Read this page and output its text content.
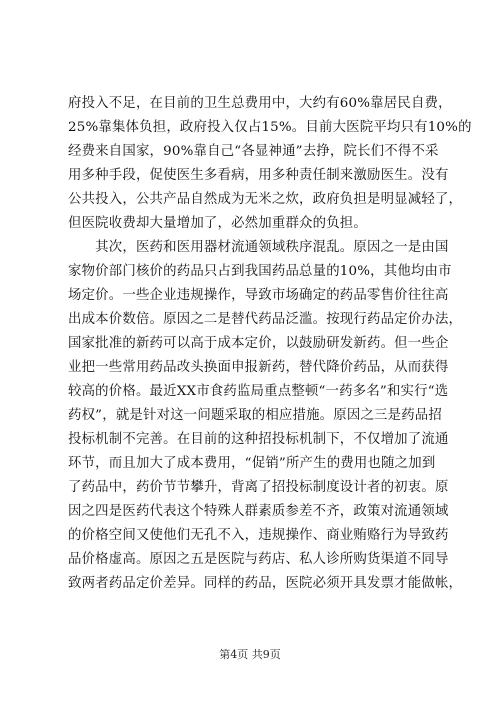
府投入不足，在目前的卫生总费用中，大约有60%靠居民自费，
25%靠集体负担，政府投入仅占15%。目前大医院平均只有10%的
经费来自国家，90%靠自己“各显神通”去挣，院长们不得不采
用多种手段，促使医生多看病，用多种责任制来激励医生。没有
公共投入，公共产品自然成为无米之炊，政府负担是明显减轻了，
但医院收费却大量增加了，必然加重群众的负担。
　　其次，医药和医用器材流通领域秩序混乱。原因之一是由国
家物价部门核价的药品只占到我国药品总量的10%，其他均由市
场定价。一些企业违规操作，导致市场确定的药品零售价往往高
出成本价数倍。原因之二是替代药品泛滥。按现行药品定价办法，
国家批准的新药可以高于成本定价，以鼓励研发新药。但一些企
业把一些常用药品改头换面申报新药，替代降价药品，从而获得
较高的价格。最近XX市食药监局重点整顿“一药多名”和实行“选
药权”，就是针对这一问题采取的相应措施。原因之三是药品招
投标机制不完善。在目前的这种招投标机制下，不仅增加了流通
环节，而且加大了成本费用，“促销”所产生的费用也随之加到
了药品中，药价节节攀升，背离了招投标制度设计者的初衷。原
因之四是医药代表这个特殊人群素质参差不齐，政策对流通领域
的价格空间又使他们无孔不入，违规操作、商业贿赂行为导致药
品价格虚高。原因之五是医院与药店、私人诊所购货渠道不同导
致两者药品定价差异。同样的药品，医院必须开具发票才能做帐，
第4页 共9页
